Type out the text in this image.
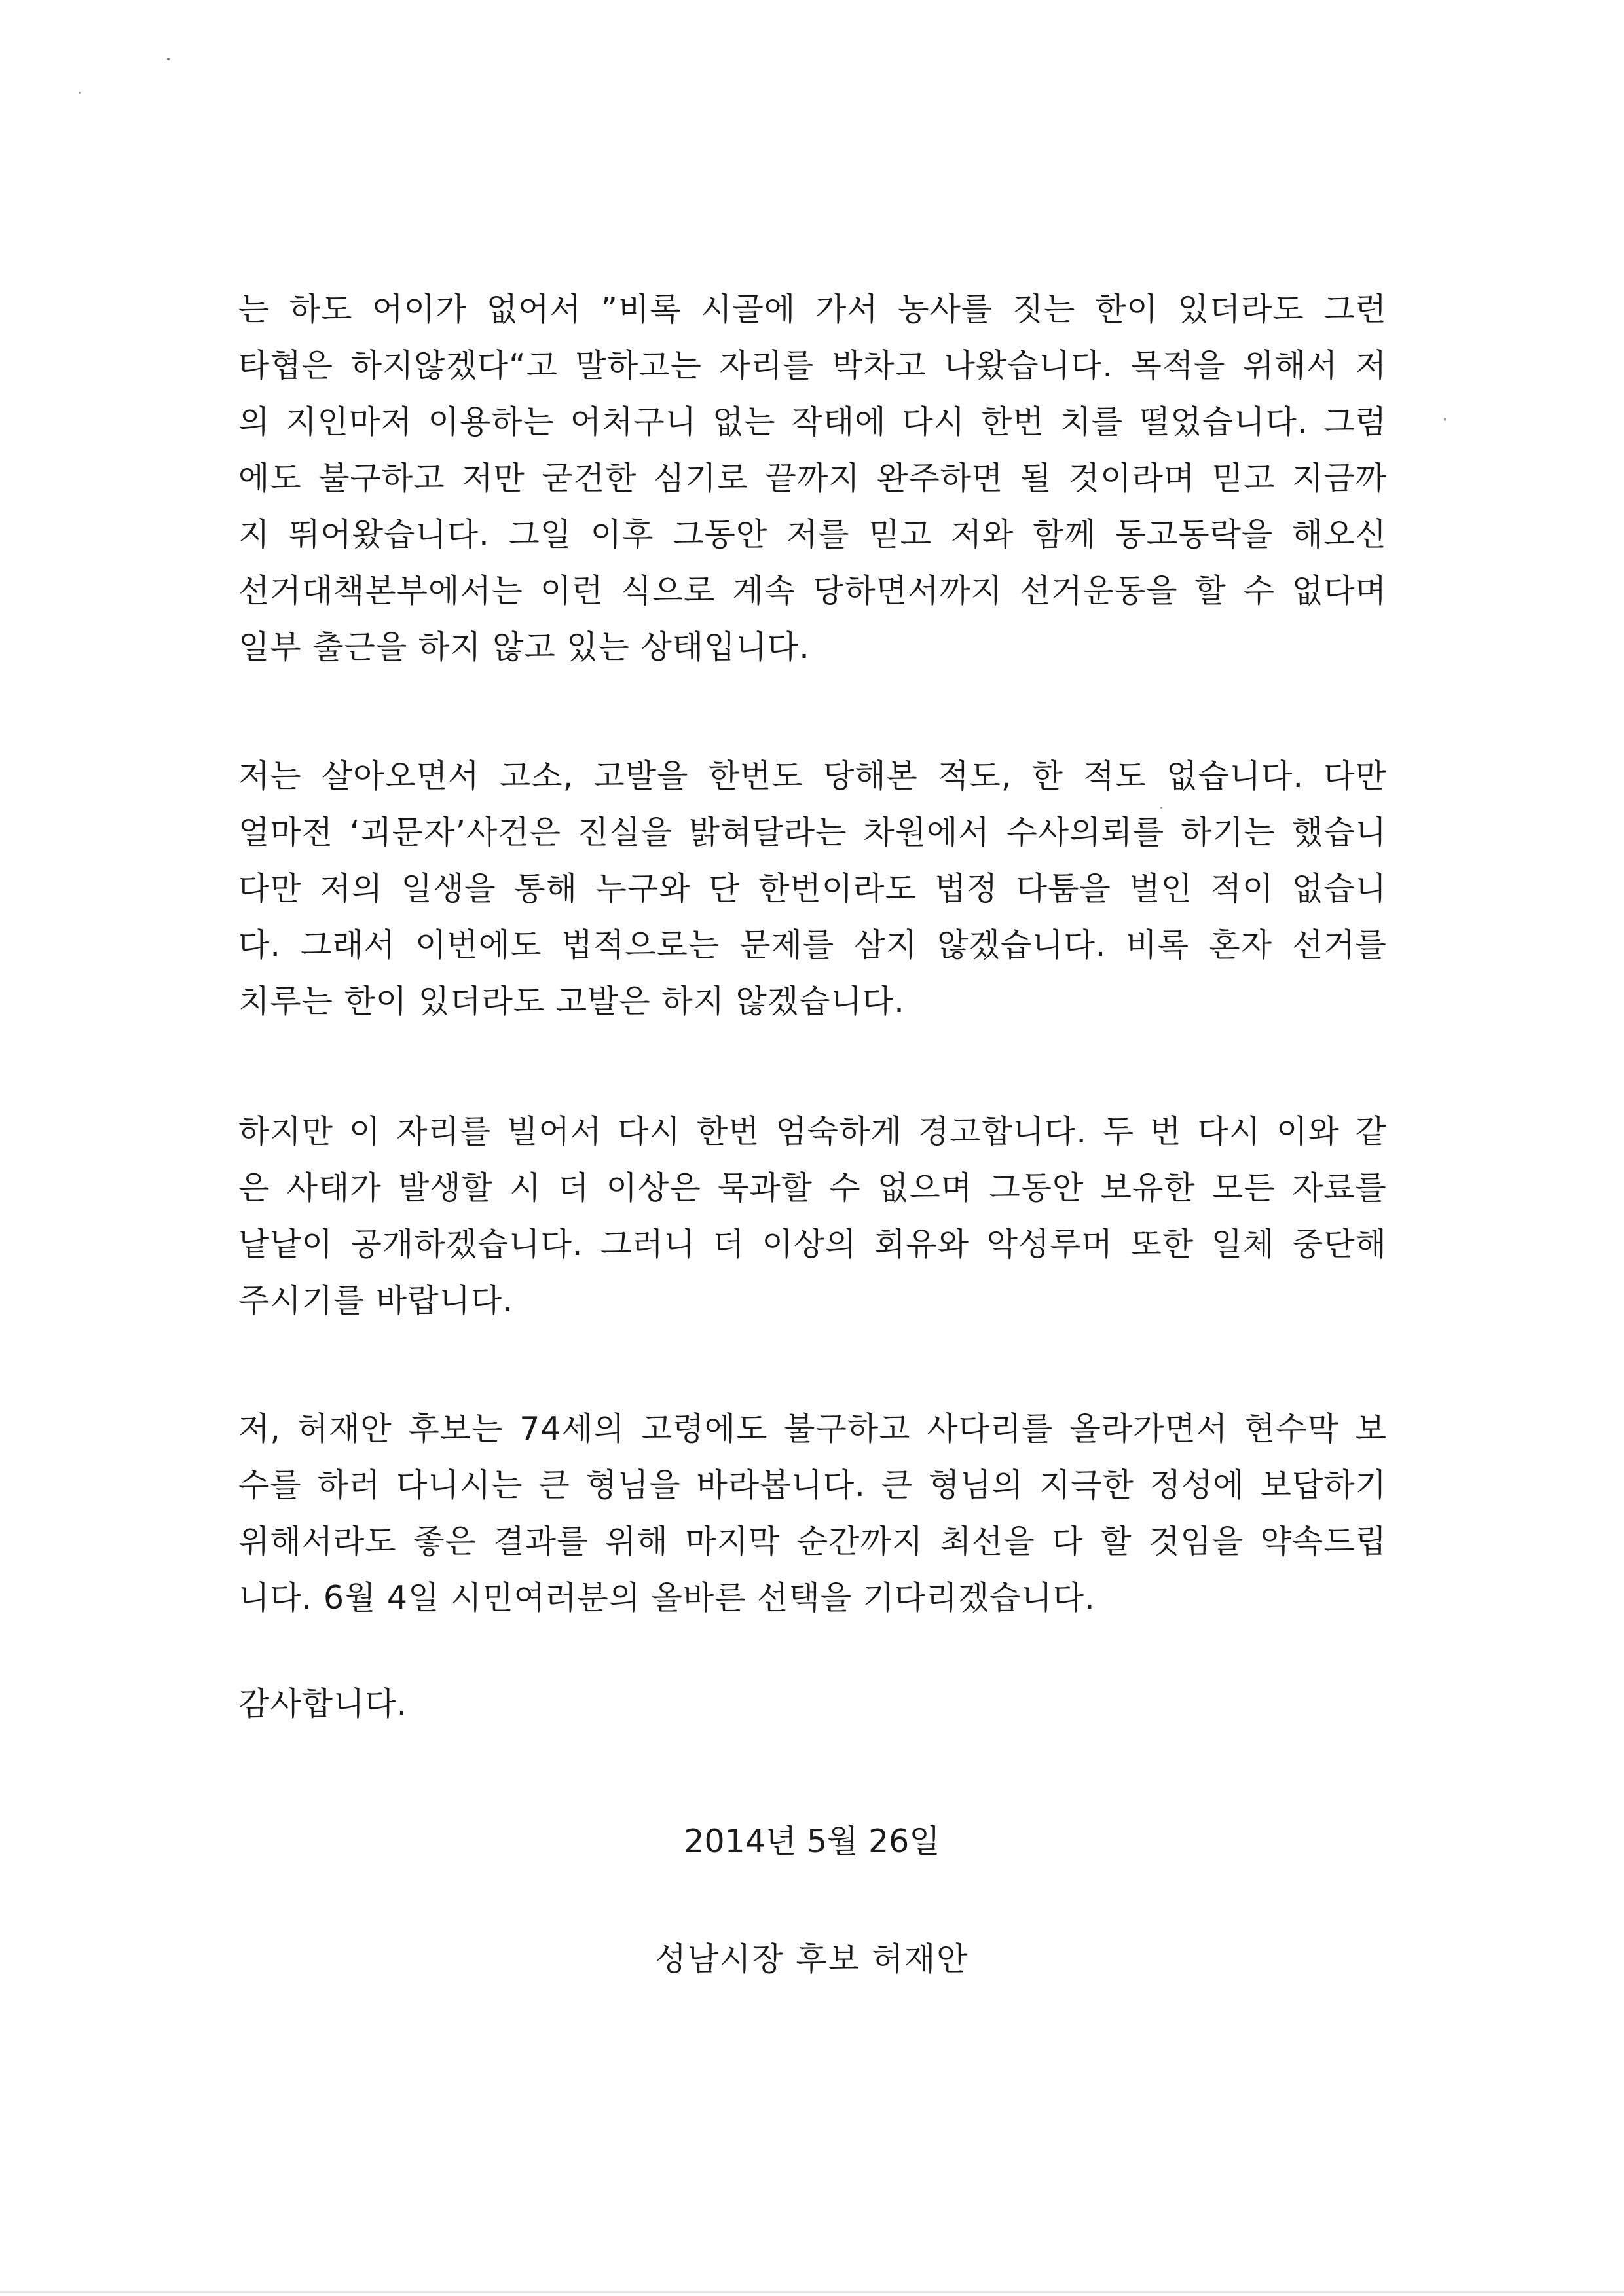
는 하도 어이가 없어서 ”비록 시골에 가서 농사를 짓는 한이 있더라도 그런
타협은 하지않겠다“고 말하고는 자리를 박차고 나왔습니다. 목적을 위해서 저
의 지인마저 이용하는 어처구니 없는 작태에 다시 한번 치를 떨었습니다. 그럼
에도 불구하고 저만 굳건한 심기로 끝까지 완주하면 될 것이라며 믿고 지금까
지 뛰어왔습니다. 그일 이후 그동안 저를 믿고 저와 함께 동고동락을 해오신
선거대책본부에서는 이런 식으로 계속 당하면서까지 선거운동을 할 수 없다며
일부 출근을 하지 않고 있는 상태입니다.
저는 살아오면서 고소, 고발을 한번도 당해본 적도, 한 적도 없습니다. 다만
얼마전 ‘괴문자’사건은 진실을 밝혀달라는 차원에서 수사의뢰를 하기는 했습니
다만 저의 일생을 통해 누구와 단 한번이라도 법정 다툼을 벌인 적이 없습니
다. 그래서 이번에도 법적으로는 문제를 삼지 않겠습니다. 비록 혼자 선거를
치루는 한이 있더라도 고발은 하지 않겠습니다.
하지만 이 자리를 빌어서 다시 한번 엄숙하게 경고합니다. 두 번 다시 이와 같
은 사태가 발생할 시 더 이상은 묵과할 수 없으며 그동안 보유한 모든 자료를
낱낱이 공개하겠습니다. 그러니 더 이상의 회유와 악성루머 또한 일체 중단해
주시기를 바랍니다.
저, 허재안 후보는 74세의 고령에도 불구하고 사다리를 올라가면서 현수막 보
수를 하러 다니시는 큰 형님을 바라봅니다. 큰 형님의 지극한 정성에 보답하기
위해서라도 좋은 결과를 위해 마지막 순간까지 최선을 다 할 것임을 약속드립
니다. 6월 4일 시민여러분의 올바른 선택을 기다리겠습니다.
감사합니다.
2014년 5월 26일
성남시장 후보 허재안
